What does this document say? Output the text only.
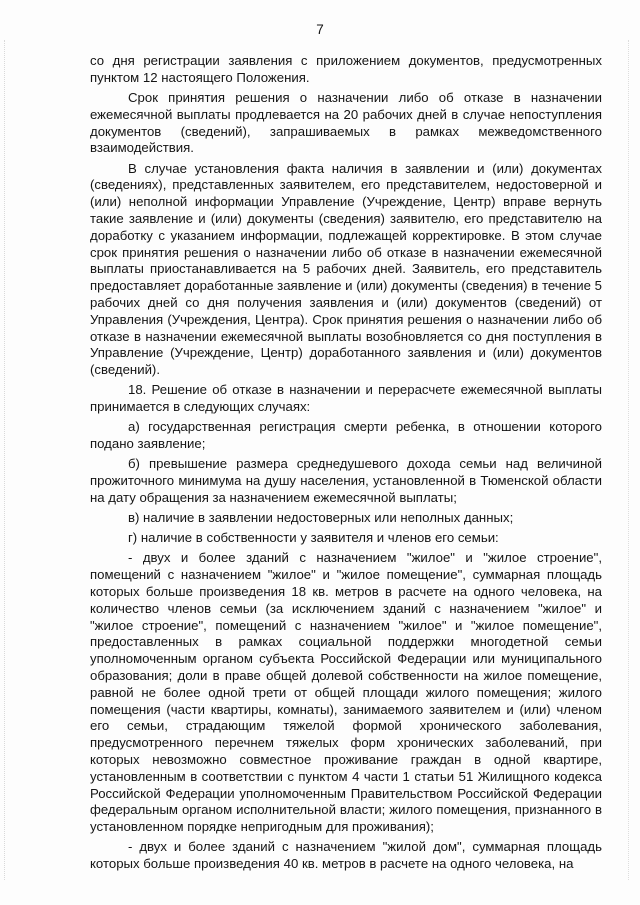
7

со дня регистрации заявления с приложением документов, предусмотренных пунктом 12 настоящего Положения.

Срок принятия решения о назначении либо об отказе в назначении ежемесячной выплаты продлевается на 20 рабочих дней в случае непоступления документов (сведений), запрашиваемых в рамках межведомственного взаимодействия.

В случае установления факта наличия в заявлении и (или) документах (сведениях), представленных заявителем, его представителем, недостоверной и (или) неполной информации Управление (Учреждение, Центр) вправе вернуть такие заявление и (или) документы (сведения) заявителю, его представителю на доработку с указанием информации, подлежащей корректировке. В этом случае срок принятия решения о назначении либо об отказе в назначении ежемесячной выплаты приостанавливается на 5 рабочих дней. Заявитель, его представитель предоставляет доработанные заявление и (или) документы (сведения) в течение 5 рабочих дней со дня получения заявления и (или) документов (сведений) от Управления (Учреждения, Центра). Срок принятия решения о назначении либо об отказе в назначении ежемесячной выплаты возобновляется со дня поступления в Управление (Учреждение, Центр) доработанного заявления и (или) документов (сведений).

18. Решение об отказе в назначении и перерасчете ежемесячной выплаты принимается в следующих случаях:

а) государственная регистрация смерти ребенка, в отношении которого подано заявление;

б) превышение размера среднедушевого дохода семьи над величиной прожиточного минимума на душу населения, установленной в Тюменской области на дату обращения за назначением ежемесячной выплаты;

в) наличие в заявлении недостоверных или неполных данных;

г) наличие в собственности у заявителя и членов его семьи:

- двух и более зданий с назначением "жилое" и "жилое строение", помещений с назначением "жилое" и "жилое помещение", суммарная площадь которых больше произведения 18 кв. метров в расчете на одного человека, на количество членов семьи (за исключением зданий с назначением "жилое" и "жилое строение", помещений с назначением "жилое" и "жилое помещение", предоставленных в рамках социальной поддержки многодетной семьи уполномоченным органом субъекта Российской Федерации или муниципального образования; доли в праве общей долевой собственности на жилое помещение, равной не более одной трети от общей площади жилого помещения; жилого помещения (части квартиры, комнаты), занимаемого заявителем и (или) членом его семьи, страдающим тяжелой формой хронического заболевания, предусмотренного перечнем тяжелых форм хронических заболеваний, при которых невозможно совместное проживание граждан в одной квартире, установленным в соответствии с пунктом 4 части 1 статьи 51 Жилищного кодекса Российской Федерации уполномоченным Правительством Российской Федерации федеральным органом исполнительной власти; жилого помещения, признанного в установленном порядке непригодным для проживания);

- двух и более зданий с назначением "жилой дом", суммарная площадь которых больше произведения 40 кв. метров в расчете на одного человека, на
